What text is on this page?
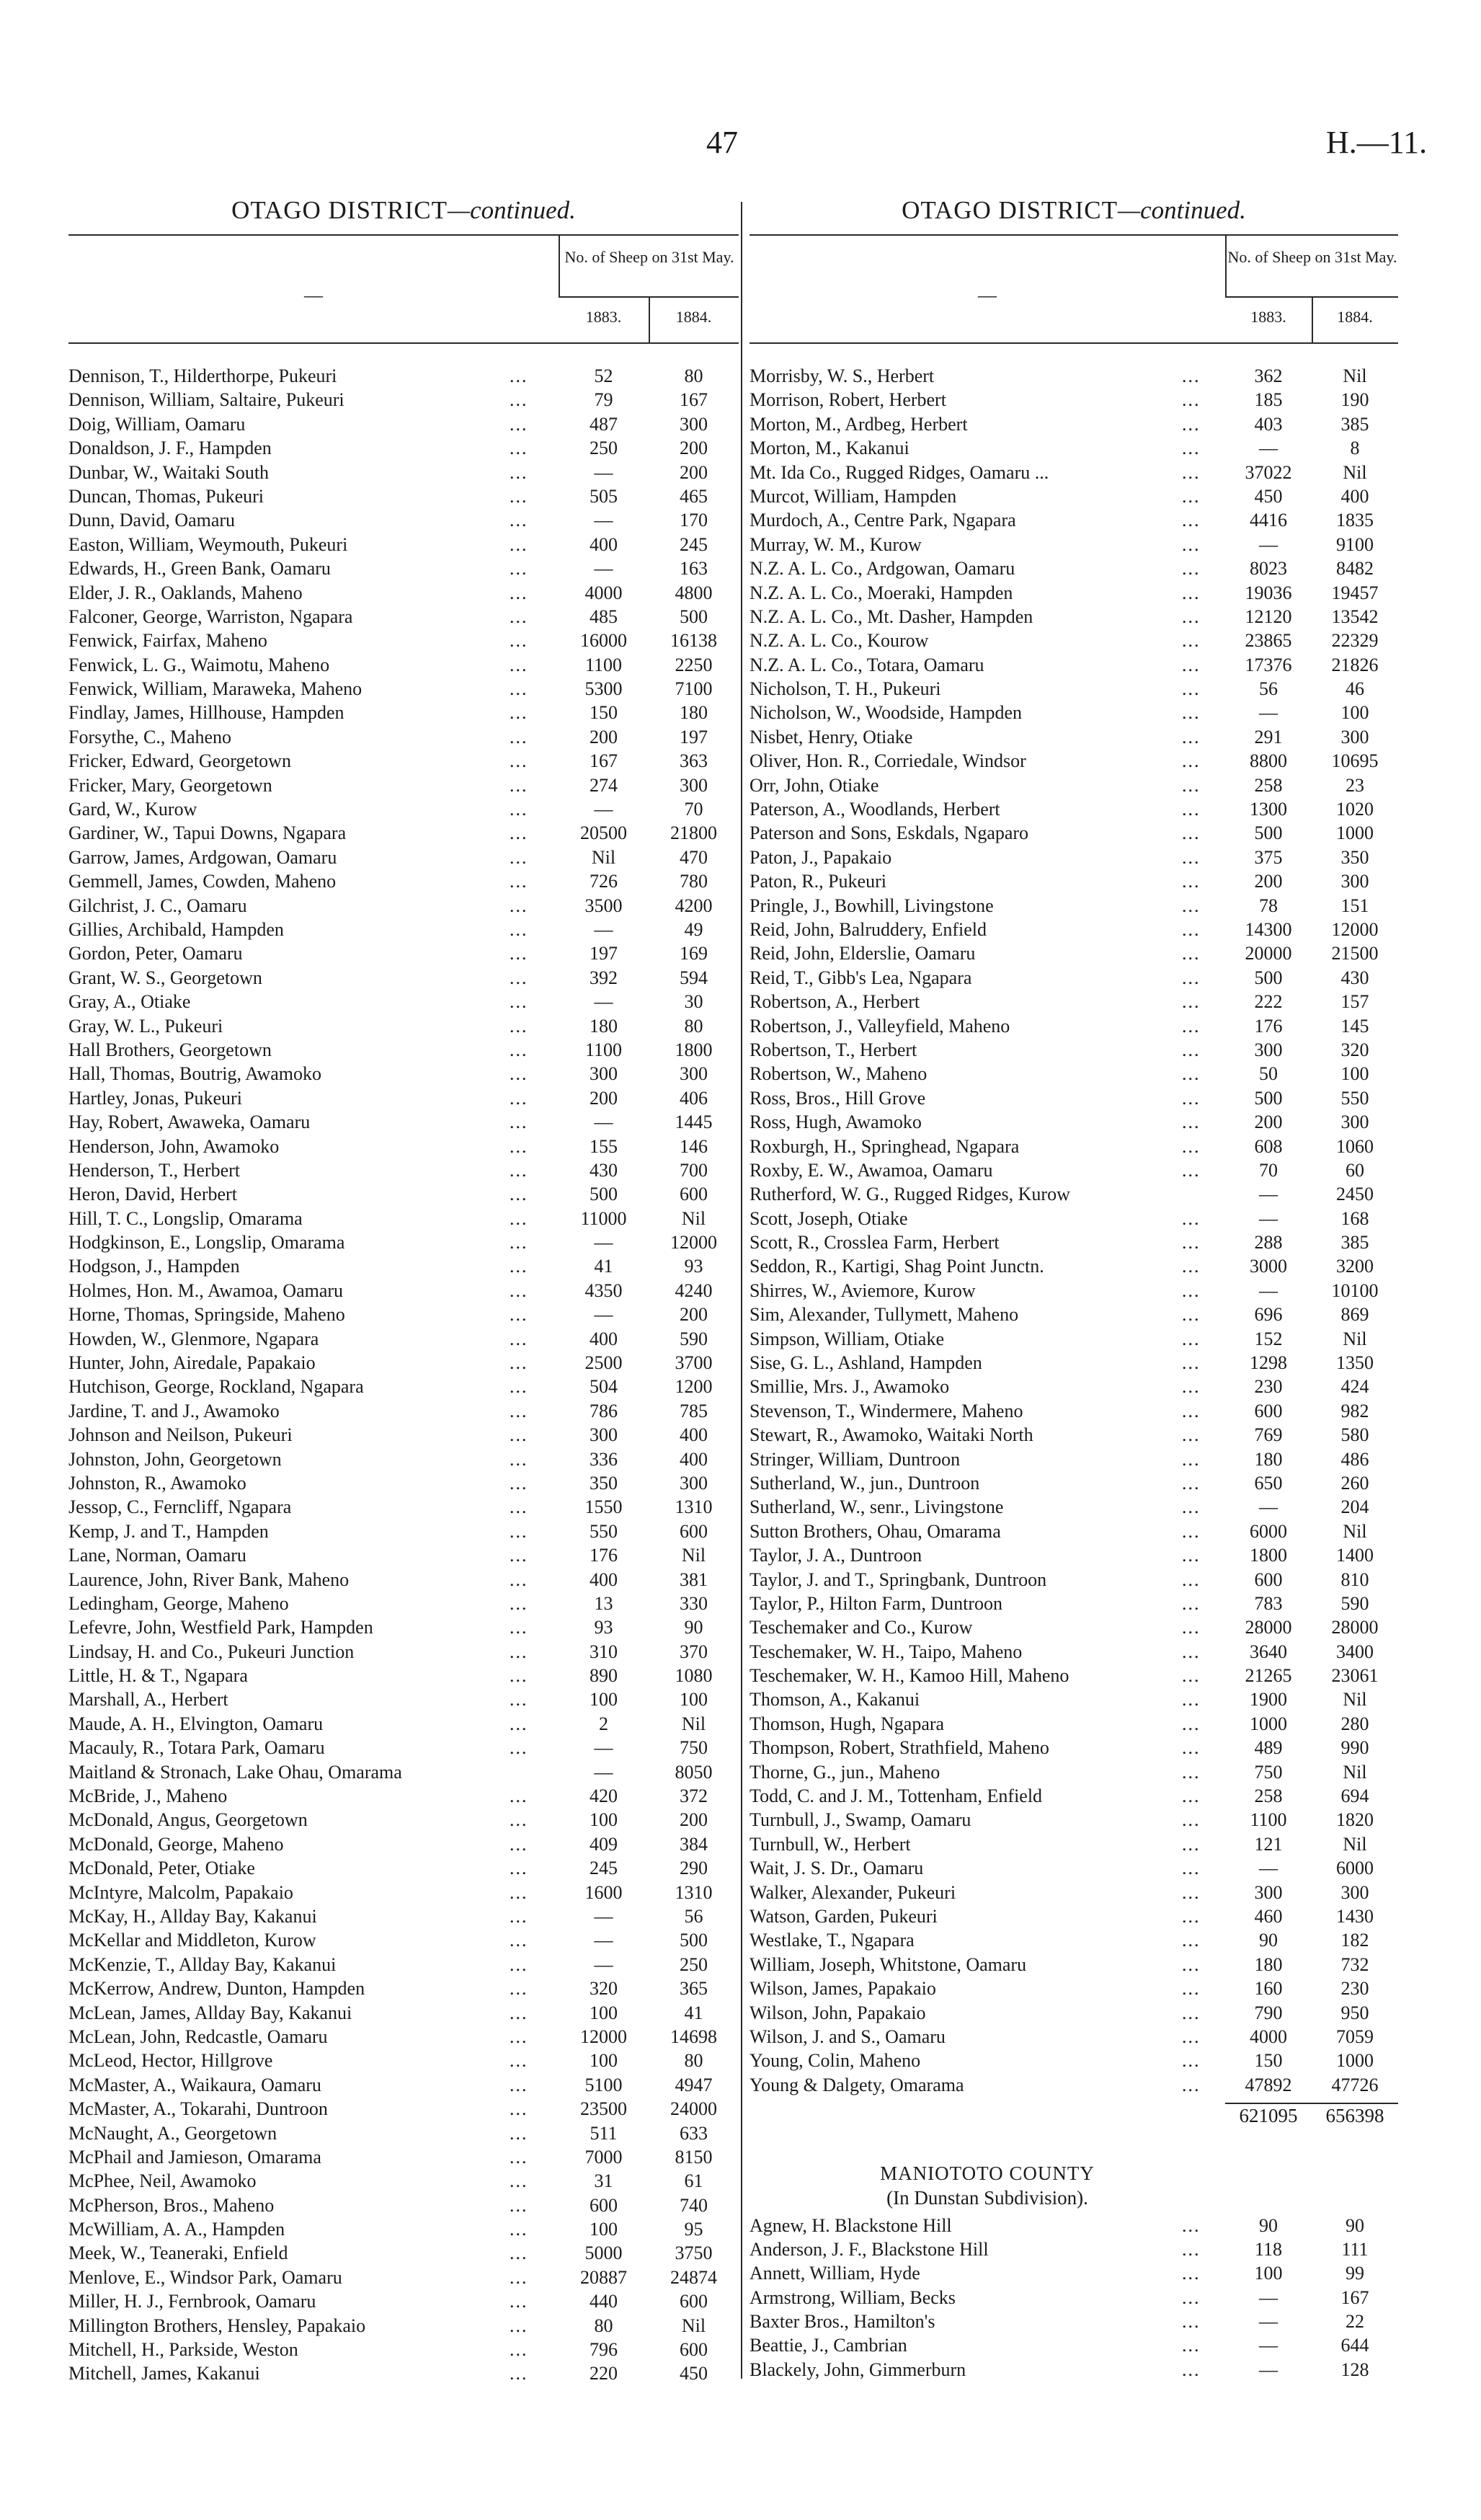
47	H.—11.
OTAGO DISTRICT—continued.	OTAGO DISTRICT—continued.
—
No. of Sheep on 31st May.
1883.	1884.
Dennison, T., Hilderthorpe, Pukeuri	...	52	80
Dennison, William, Saltaire, Pukeuri	...	79	167
Doig, William, Oamaru	...	487	300
Donaldson, J. F., Hampden	...	250	200
Dunbar, W., Waitaki South	...	—	200
Duncan, Thomas, Pukeuri	...	505	465
Dunn, David, Oamaru	...	—	170
Easton, William, Weymouth, Pukeuri	...	400	245
Edwards, H., Green Bank, Oamaru	...	—	163
Elder, J. R., Oaklands, Maheno	...	4000	4800
Falconer, George, Warriston, Ngapara	...	485	500
Fenwick, Fairfax, Maheno	...	16000	16138
Fenwick, L. G., Waimotu, Maheno	...	1100	2250
Fenwick, William, Maraweka, Maheno	...	5300	7100
Findlay, James, Hillhouse, Hampden	...	150	180
Forsythe, C., Maheno	...	200	197
Fricker, Edward, Georgetown	...	167	363
Fricker, Mary, Georgetown	...	274	300
Gard, W., Kurow	...	—	70
Gardiner, W., Tapui Downs, Ngapara	...	20500	21800
Garrow, James, Ardgowan, Oamaru	...	Nil	470
Gemmell, James, Cowden, Maheno	...	726	780
Gilchrist, J. C., Oamaru	...	3500	4200
Gillies, Archibald, Hampden	...	—	49
Gordon, Peter, Oamaru	...	197	169
Grant, W. S., Georgetown	...	392	594
Gray, A., Otiake	...	—	30
Gray, W. L., Pukeuri	...	180	80
Hall Brothers, Georgetown	...	1100	1800
Hall, Thomas, Boutrig, Awamoko	...	300	300
Hartley, Jonas, Pukeuri	...	200	406
Hay, Robert, Awaweka, Oamaru	...	—	1445
Henderson, John, Awamoko	...	155	146
Henderson, T., Herbert	...	430	700
Heron, David, Herbert	...	500	600
Hill, T. C., Longslip, Omarama	...	11000	Nil
Hodgkinson, E., Longslip, Omarama	...	—	12000
Hodgson, J., Hampden	...	41	93
Holmes, Hon. M., Awamoa, Oamaru	...	4350	4240
Horne, Thomas, Springside, Maheno	...	—	200
Howden, W., Glenmore, Ngapara	...	400	590
Hunter, John, Airedale, Papakaio	...	2500	3700
Hutchison, George, Rockland, Ngapara	...	504	1200
Jardine, T. and J., Awamoko	...	786	785
Johnson and Neilson, Pukeuri	...	300	400
Johnston, John, Georgetown	...	336	400
Johnston, R., Awamoko	...	350	300
Jessop, C., Ferncliff, Ngapara	...	1550	1310
Kemp, J. and T., Hampden	...	550	600
Lane, Norman, Oamaru	...	176	Nil
Laurence, John, River Bank, Maheno	...	400	381
Ledingham, George, Maheno	...	13	330
Lefevre, John, Westfield Park, Hampden	...	93	90
Lindsay, H. and Co., Pukeuri Junction	...	310	370
Little, H. & T., Ngapara	...	890	1080
Marshall, A., Herbert	...	100	100
Maude, A. H., Elvington, Oamaru	...	2	Nil
Macauly, R., Totara Park, Oamaru	...	—	750
Maitland & Stronach, Lake Ohau, Omarama	—	8050
McBride, J., Maheno	...	420	372
McDonald, Angus, Georgetown	...	100	200
McDonald, George, Maheno	...	409	384
McDonald, Peter, Otiake	...	245	290
McIntyre, Malcolm, Papakaio	...	1600	1310
McKay, H., Allday Bay, Kakanui	...	—	56
McKellar and Middleton, Kurow	...	—	500
McKenzie, T., Allday Bay, Kakanui	...	—	250
McKerrow, Andrew, Dunton, Hampden	...	320	365
McLean, James, Allday Bay, Kakanui	...	100	41
McLean, John, Redcastle, Oamaru	...	12000	14698
McLeod, Hector, Hillgrove	...	100	80
McMaster, A., Waikaura, Oamaru	...	5100	4947
McMaster, A., Tokarahi, Duntroon	...	23500	24000
McNaught, A., Georgetown	...	511	633
McPhail and Jamieson, Omarama	...	7000	8150
McPhee, Neil, Awamoko	...	31	61
McPherson, Bros., Maheno	...	600	740
McWilliam, A. A., Hampden	...	100	95
Meek, W., Teaneraki, Enfield	...	5000	3750
Menlove, E., Windsor Park, Oamaru	...	20887	24874
Miller, H. J., Fernbrook, Oamaru	...	440	600
Millington Brothers, Hensley, Papakaio	...	80	Nil
Mitchell, H., Parkside, Weston	...	796	600
Mitchell, James, Kakanui	...	220	450
—
No. of Sheep on 31st May.
1883.	1884.
Morrisby, W. S., Herbert	...	362	Nil
Morrison, Robert, Herbert	...	185	190
Morton, M., Ardbeg, Herbert	...	403	385
Morton, M., Kakanui	...	—	8
Mt. Ida Co., Rugged Ridges, Oamaru ...	...	37022	Nil
Murcot, William, Hampden	...	450	400
Murdoch, A., Centre Park, Ngapara	...	4416	1835
Murray, W. M., Kurow	...	—	9100
N.Z. A. L. Co., Ardgowan, Oamaru	...	8023	8482
N.Z. A. L. Co., Moeraki, Hampden	...	19036	19457
N.Z. A. L. Co., Mt. Dasher, Hampden	...	12120	13542
N.Z. A. L. Co., Kourow	...	23865	22329
N.Z. A. L. Co., Totara, Oamaru	...	17376	21826
Nicholson, T. H., Pukeuri	...	56	46
Nicholson, W., Woodside, Hampden	...	—	100
Nisbet, Henry, Otiake	...	291	300
Oliver, Hon. R., Corriedale, Windsor	...	8800	10695
Orr, John, Otiake	...	258	23
Paterson, A., Woodlands, Herbert	...	1300	1020
Paterson and Sons, Eskdals, Ngaparo	...	500	1000
Paton, J., Papakaio	...	375	350
Paton, R., Pukeuri	...	200	300
Pringle, J., Bowhill, Livingstone	...	78	151
Reid, John, Balruddery, Enfield	...	14300	12000
Reid, John, Elderslie, Oamaru	...	20000	21500
Reid, T., Gibb's Lea, Ngapara	...	500	430
Robertson, A., Herbert	...	222	157
Robertson, J., Valleyfield, Maheno	...	176	145
Robertson, T., Herbert	...	300	320
Robertson, W., Maheno	...	50	100
Ross, Bros., Hill Grove	...	500	550
Ross, Hugh, Awamoko	...	200	300
Roxburgh, H., Springhead, Ngapara	...	608	1060
Roxby, E. W., Awamoa, Oamaru	...	70	60
Rutherford, W. G., Rugged Ridges, Kurow	—	2450
Scott, Joseph, Otiake	...	—	168
Scott, R., Crosslea Farm, Herbert	...	288	385
Seddon, R., Kartigi, Shag Point Junctn.	...	3000	3200
Shirres, W., Aviemore, Kurow	...	—	10100
Sim, Alexander, Tullymett, Maheno	...	696	869
Simpson, William, Otiake	...	152	Nil
Sise, G. L., Ashland, Hampden	...	1298	1350
Smillie, Mrs. J., Awamoko	...	230	424
Stevenson, T., Windermere, Maheno	...	600	982
Stewart, R., Awamoko, Waitaki North	...	769	580
Stringer, William, Duntroon	...	180	486
Sutherland, W., jun., Duntroon	...	650	260
Sutherland, W., senr., Livingstone	...	—	204
Sutton Brothers, Ohau, Omarama	...	6000	Nil
Taylor, J. A., Duntroon	...	1800	1400
Taylor, J. and T., Springbank, Duntroon	...	600	810
Taylor, P., Hilton Farm, Duntroon	...	783	590
Teschemaker and Co., Kurow	...	28000	28000
Teschemaker, W. H., Taipo, Maheno	...	3640	3400
Teschemaker, W. H., Kamoo Hill, Maheno	...	21265	23061
Thomson, A., Kakanui	...	1900	Nil
Thomson, Hugh, Ngapara	...	1000	280
Thompson, Robert, Strathfield, Maheno	...	489	990
Thorne, G., jun., Maheno	...	750	Nil
Todd, C. and J. M., Tottenham, Enfield	...	258	694
Turnbull, J., Swamp, Oamaru	...	1100	1820
Turnbull, W., Herbert	...	121	Nil
Wait, J. S. Dr., Oamaru	...	—	6000
Walker, Alexander, Pukeuri	...	300	300
Watson, Garden, Pukeuri	...	460	1430
Westlake, T., Ngapara	...	90	182
William, Joseph, Whitstone, Oamaru	...	180	732
Wilson, James, Papakaio	...	160	230
Wilson, John, Papakaio	...	790	950
Wilson, J. and S., Oamaru	...	4000	7059
Young, Colin, Maheno	...	150	1000
Young & Dalgety, Omarama	...	47892	47726
621095	656398
MANIOTOTO COUNTY
(In Dunstan Subdivision).
Agnew, H. Blackstone Hill	...	90	90
Anderson, J. F., Blackstone Hill	...	118	111
Annett, William, Hyde	...	100	99
Armstrong, William, Becks	...	—	167
Baxter Bros., Hamilton's	...	—	22
Beattie, J., Cambrian	...	—	644
Blackely, John, Gimmerburn	...	—	128
